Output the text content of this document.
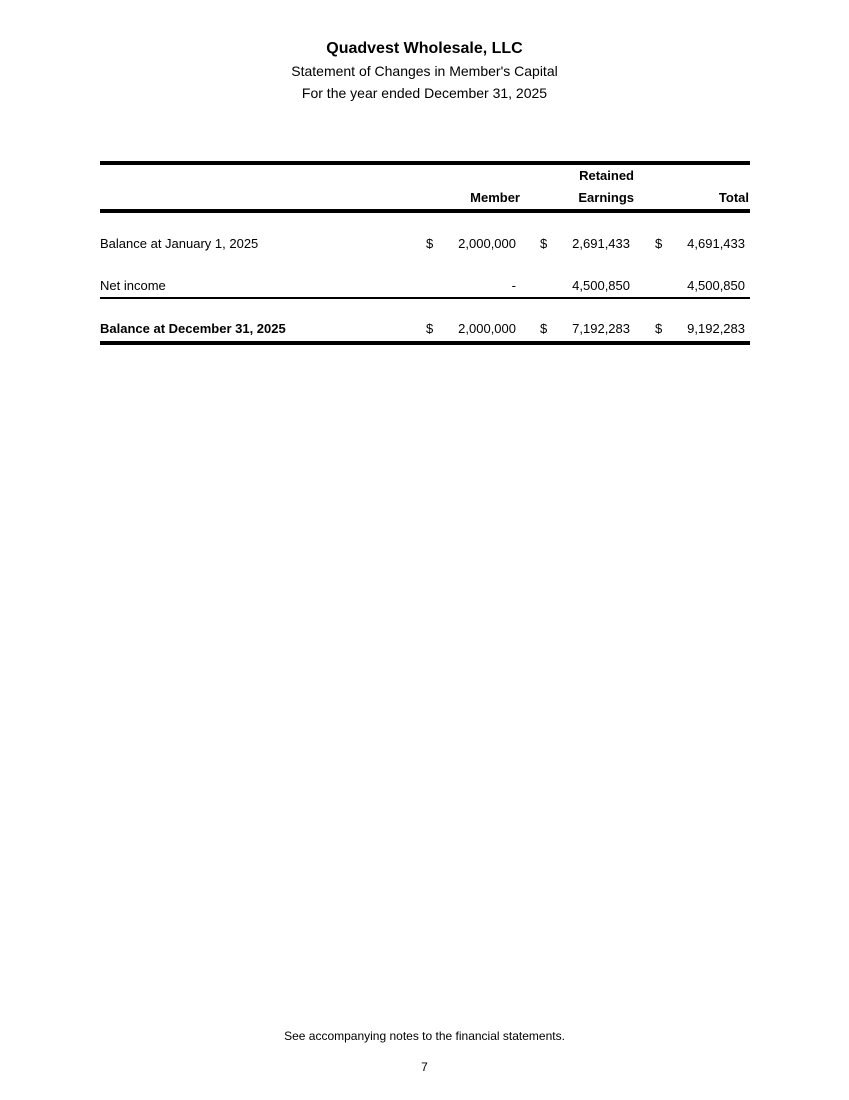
Quadvest Wholesale, LLC
Statement of Changes in Member's Capital
For the year ended December 31, 2025
Member
Retained
Earnings	Total
Balance at January 1, 2025	$	2,000,000 $	2,691,433 $	4,691,433
Net income	-	4,500,850	4,500,850
Balance at December 31, 2025	$	2,000,000 $	7,192,283 $	9,192,283
See accompanying notes to the financial statements.
7
